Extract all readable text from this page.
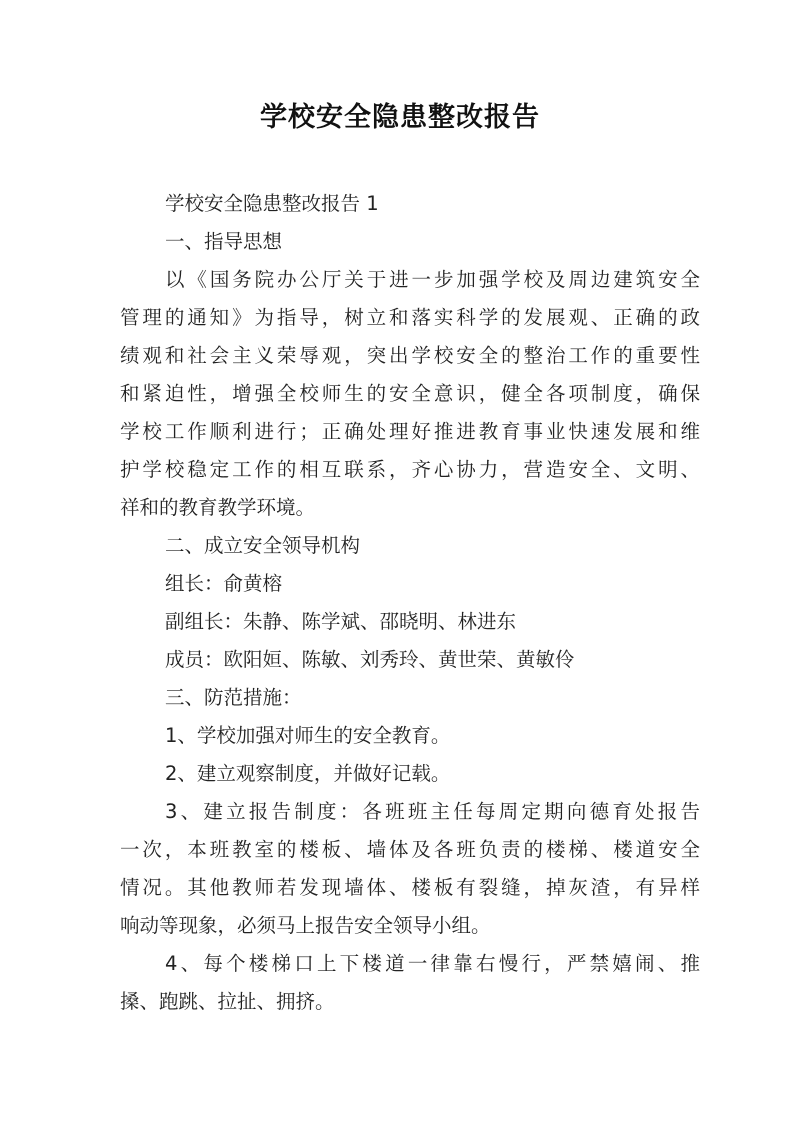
学校安全隐患整改报告
学校安全隐患整改报告 1
一、指导思想
以《国务院办公厅关于进一步加强学校及周边建筑安全
管理的通知》为指导，树立和落实科学的发展观、正确的政
绩观和社会主义荣辱观，突出学校安全的整治工作的重要性
和紧迫性，增强全校师生的安全意识，健全各项制度，确保
学校工作顺利进行；正确处理好推进教育事业快速发展和维
护学校稳定工作的相互联系，齐心协力，营造安全、文明、
祥和的教育教学环境。
二、成立安全领导机构
组长：俞黄榕
副组长：朱静、陈学斌、邵晓明、林进东
成员：欧阳姮、陈敏、刘秀玲、黄世荣、黄敏伶
三、防范措施：
1、学校加强对师生的安全教育。
2、建立观察制度，并做好记载。
3、建立报告制度：各班班主任每周定期向德育处报告
一次，本班教室的楼板、墙体及各班负责的楼梯、楼道安全
情况。其他教师若发现墙体、楼板有裂缝，掉灰渣，有异样
响动等现象，必须马上报告安全领导小组。
4、每个楼梯口上下楼道一律靠右慢行，严禁嬉闹、推
搡、跑跳、拉扯、拥挤。
